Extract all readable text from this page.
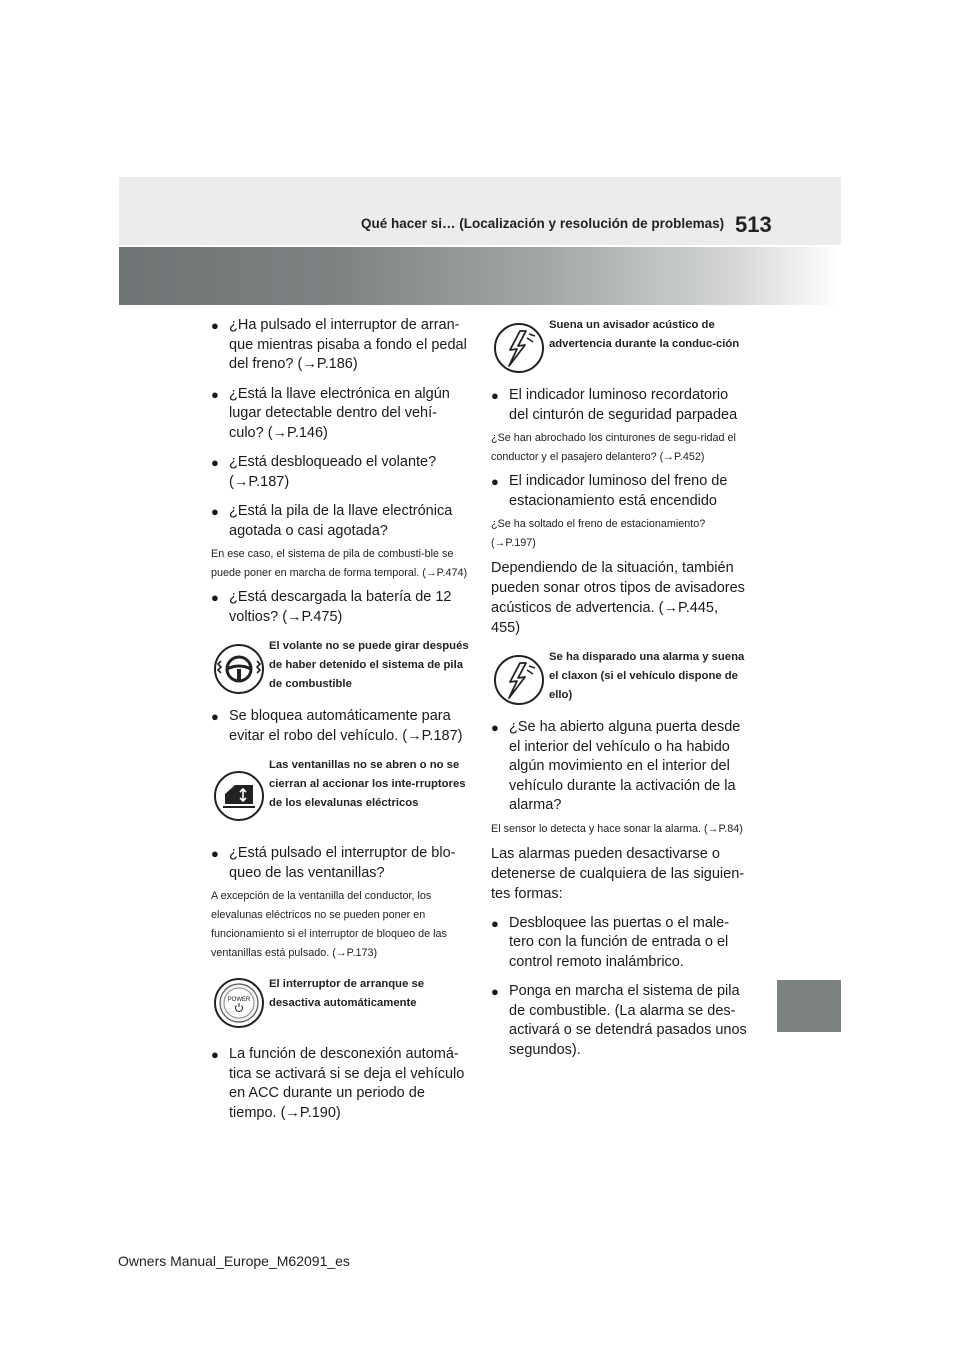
Qué hacer si… (Localización y resolución de problemas) 513
● ¿Ha pulsado el interruptor de arran-que mientras pisaba a fondo el pedal del freno? (→P.186)
● ¿Está la llave electrónica en algún lugar detectable dentro del vehí-culo? (→P.146)
● ¿Está desbloqueado el volante? (→P.187)
● ¿Está la pila de la llave electrónica agotada o casi agotada?
En ese caso, el sistema de pila de combusti-ble se puede poner en marcha de forma temporal. (→P.474)
● ¿Está descargada la batería de 12 voltios? (→P.475)
El volante no se puede girar después de haber detenido el sistema de pila de combustible
● Se bloquea automáticamente para evitar el robo del vehículo. (→P.187)
Las ventanillas no se abren o no se cierran al accionar los inte-rruptores de los elevalunas eléctricos
● ¿Está pulsado el interruptor de blo-queo de las ventanillas?
A excepción de la ventanilla del conductor, los elevalunas eléctricos no se pueden poner en funcionamiento si el interruptor de bloqueo de las ventanillas está pulsado. (→P.173)
POWER
El interruptor de arranque se desactiva automáticamente
● La función de desconexión automá-tica se activará si se deja el vehículo en ACC durante un periodo de tiempo. (→P.190)
Suena un avisador acústico de advertencia durante la conduc-ción
● El indicador luminoso recordatorio del cinturón de seguridad parpadea
¿Se han abrochado los cinturones de segu-ridad el conductor y el pasajero delantero? (→P.452)
● El indicador luminoso del freno de estacionamiento está encendido
¿Se ha soltado el freno de estacionamiento? (→P.197)
Dependiendo de la situación, también pueden sonar otros tipos de avisadores acústicos de advertencia. (→P.445, 455)
Se ha disparado una alarma y suena el claxon (si el vehículo dispone de ello)
● ¿Se ha abierto alguna puerta desde el interior del vehículo o ha habido algún movimiento en el interior del vehículo durante la activación de la alarma?
El sensor lo detecta y hace sonar la alarma. (→P.84)
Las alarmas pueden desactivarse o detenerse de cualquiera de las siguien-tes formas:
● Desbloquee las puertas o el male-tero con la función de entrada o el control remoto inalámbrico.
● Ponga en marcha el sistema de pila de combustible. (La alarma se des-activará o se detendrá pasados unos segundos).
Owners Manual_Europe_M62091_es
